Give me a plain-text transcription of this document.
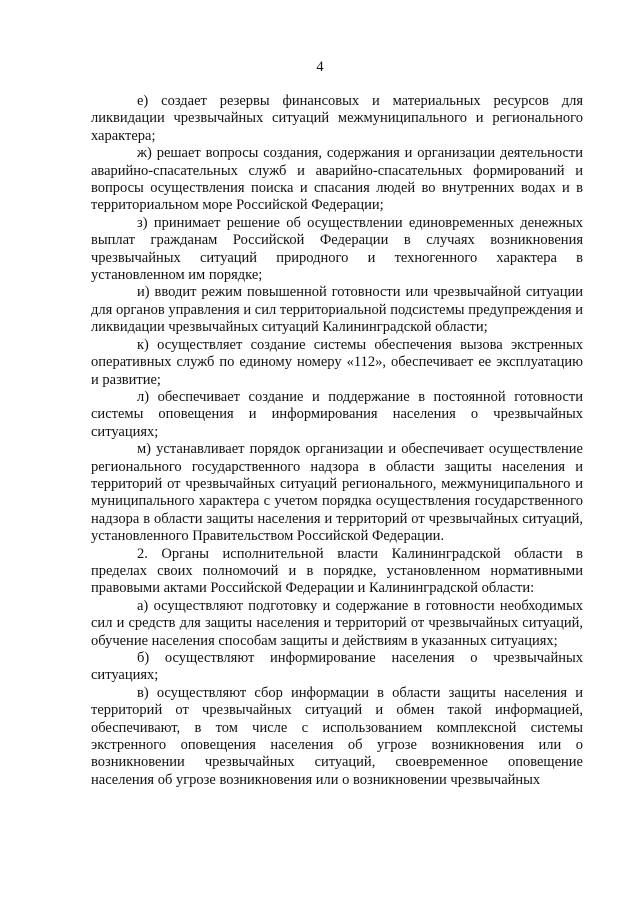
4

е) создает резервы финансовых и материальных ресурсов для ликвидации чрезвычайных ситуаций межмуниципального и регионального характера;

ж) решает вопросы создания, содержания и организации деятельности аварийно-спасательных служб и аварийно-спасательных формирований и вопросы осуществления поиска и спасания людей во внутренних водах и в территориальном море Российской Федерации;

з) принимает решение об осуществлении единовременных денежных выплат гражданам Российской Федерации в случаях возникновения чрезвычайных ситуаций природного и техногенного характера в установленном им порядке;

и) вводит режим повышенной готовности или чрезвычайной ситуации для органов управления и сил территориальной подсистемы предупреждения и ликвидации чрезвычайных ситуаций Калининградской области;

к) осуществляет создание системы обеспечения вызова экстренных оперативных служб по единому номеру «112», обеспечивает ее эксплуатацию и развитие;

л) обеспечивает создание и поддержание в постоянной готовности системы оповещения и информирования населения о чрезвычайных ситуациях;

м) устанавливает порядок организации и обеспечивает осуществление регионального государственного надзора в области защиты населения и территорий от чрезвычайных ситуаций регионального, межмуниципального и муниципального характера с учетом порядка осуществления государственного надзора в области защиты населения и территорий от чрезвычайных ситуаций, установленного Правительством Российской Федерации.

2. Органы исполнительной власти Калининградской области в пределах своих полномочий и в порядке, установленном нормативными правовыми актами Российской Федерации и Калининградской области:

а) осуществляют подготовку и содержание в готовности необходимых сил и средств для защиты населения и территорий от чрезвычайных ситуаций, обучение населения способам защиты и действиям в указанных ситуациях;

б) осуществляют информирование населения о чрезвычайных ситуациях;

в) осуществляют сбор информации в области защиты населения и территорий от чрезвычайных ситуаций и обмен такой информацией, обеспечивают, в том числе с использованием комплексной системы экстренного оповещения населения об угрозе возникновения или о возникновении чрезвычайных ситуаций, своевременное оповещение населения об угрозе возникновения или о возникновении чрезвычайных
